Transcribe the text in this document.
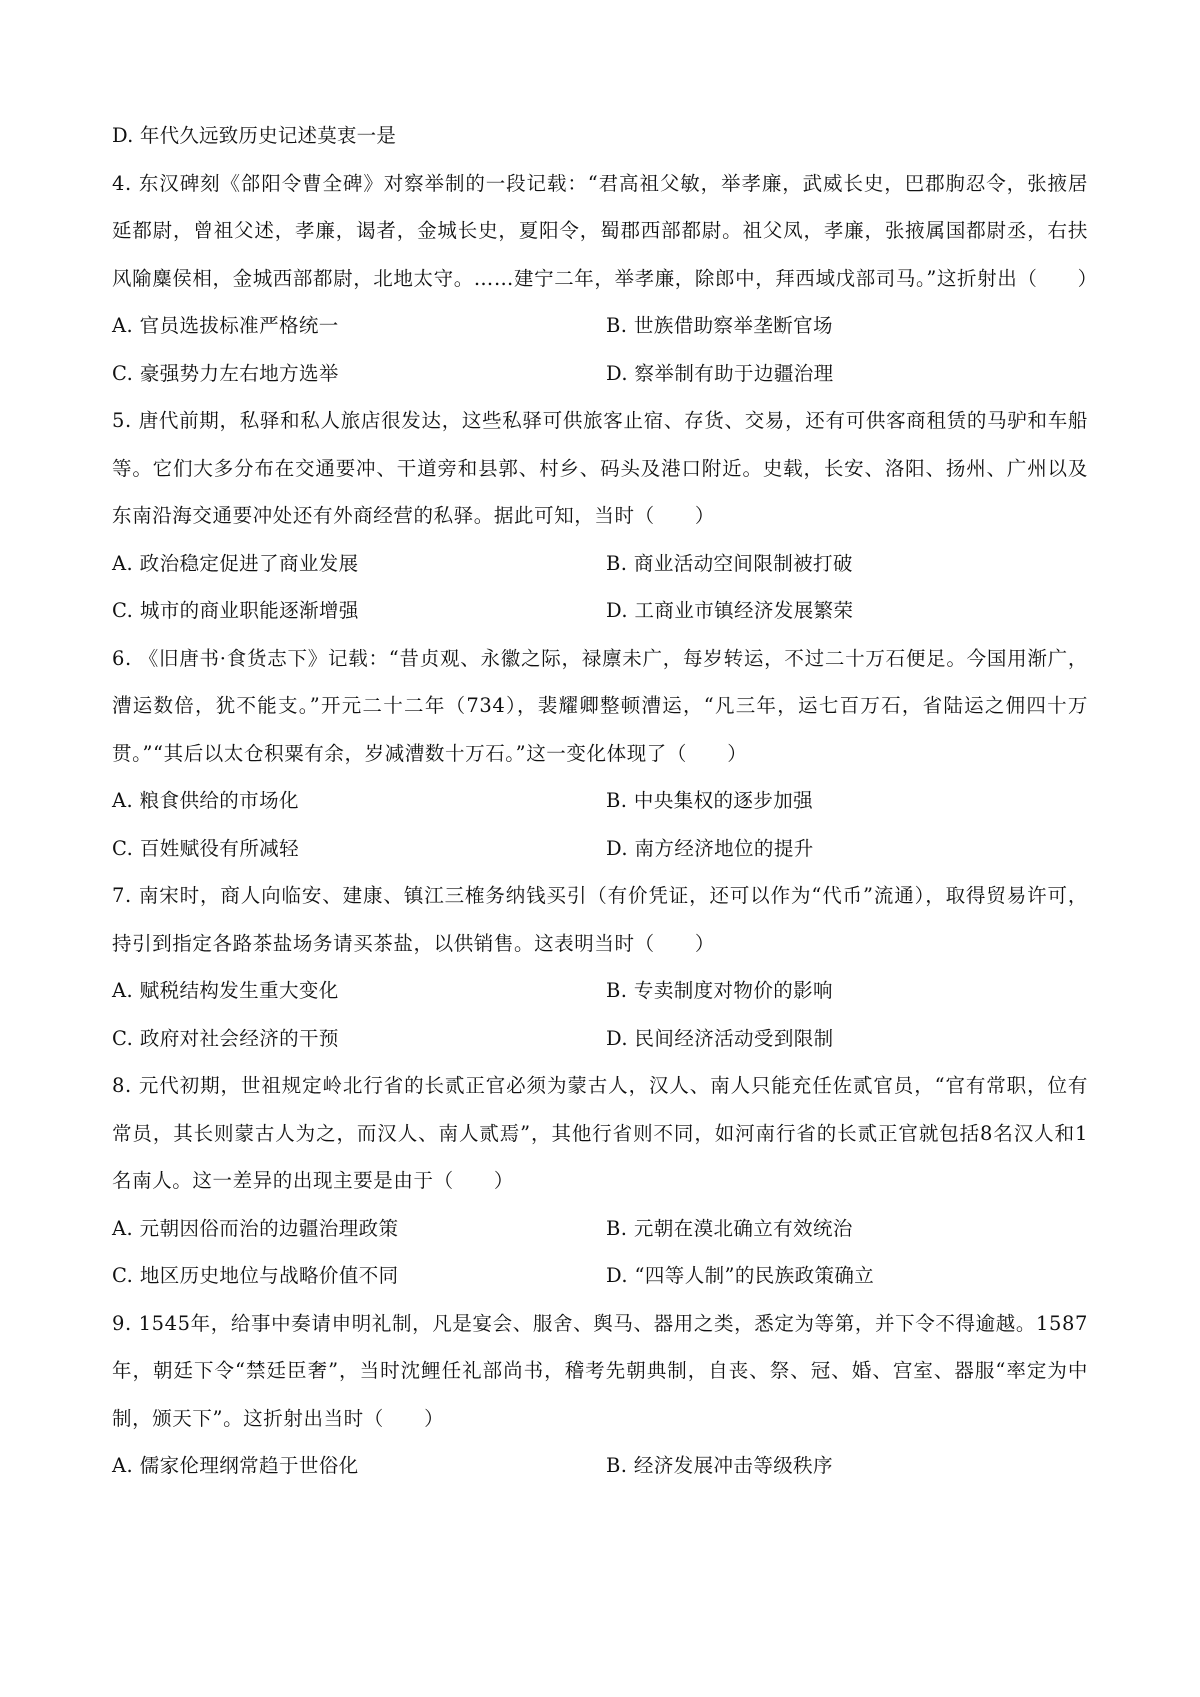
D. 年代久远致历史记述莫衷一是

4. 东汉碑刻《郃阳令曹全碑》对察举制的一段记载：“君高祖父敏，举孝廉，武威长史，巴郡朐忍令，张掖居延都尉，曾祖父述，孝廉，谒者，金城长史，夏阳令，蜀郡西部都尉。祖父凤，孝廉，张掖属国都尉丞，右扶风隃麋侯相，金城西部都尉，北地太守。……建宁二年，举孝廉，除郎中，拜西域戊部司马。”这折射出（　　）

A. 官员选拔标准严格统一	B. 世族借助察举垄断官场
C. 豪强势力左右地方选举	D. 察举制有助于边疆治理

5. 唐代前期，私驿和私人旅店很发达，这些私驿可供旅客止宿、存货、交易，还有可供客商租赁的马驴和车船等。它们大多分布在交通要冲、干道旁和县郭、村乡、码头及港口附近。史载，长安、洛阳、扬州、广州以及东南沿海交通要冲处还有外商经营的私驿。据此可知，当时（　　）

A. 政治稳定促进了商业发展	B. 商业活动空间限制被打破
C. 城市的商业职能逐渐增强	D. 工商业市镇经济发展繁荣

6. 《旧唐书·食货志下》记载：“昔贞观、永徽之际，禄廪未广，每岁转运，不过二十万石便足。今国用渐广，漕运数倍，犹不能支。”开元二十二年（734），裴耀卿整顿漕运，“凡三年，运七百万石，省陆运之佣四十万贯。”“其后以太仓积粟有余，岁减漕数十万石。”这一变化体现了（　　）

A. 粮食供给的市场化	B. 中央集权的逐步加强
C. 百姓赋役有所减轻	D. 南方经济地位的提升

7. 南宋时，商人向临安、建康、镇江三榷务纳钱买引（有价凭证，还可以作为“代币”流通），取得贸易许可，持引到指定各路茶盐场务请买茶盐，以供销售。这表明当时（　　）

A. 赋税结构发生重大变化	B. 专卖制度对物价的影响
C. 政府对社会经济的干预	D. 民间经济活动受到限制

8. 元代初期，世祖规定岭北行省的长贰正官必须为蒙古人，汉人、南人只能充任佐贰官员，“官有常职，位有常员，其长则蒙古人为之，而汉人、南人贰焉”，其他行省则不同，如河南行省的长贰正官就包括8名汉人和1名南人。这一差异的出现主要是由于（　　）

A. 元朝因俗而治的边疆治理政策	B. 元朝在漠北确立有效统治
C. 地区历史地位与战略价值不同	D. “四等人制”的民族政策确立

9. 1545年，给事中奏请申明礼制，凡是宴会、服舍、舆马、器用之类，悉定为等第，并下令不得逾越。1587年，朝廷下令“禁廷臣奢”，当时沈鲤任礼部尚书，稽考先朝典制，自丧、祭、冠、婚、宫室、器服“率定为中制，颁天下”。这折射出当时（　　）

A. 儒家伦理纲常趋于世俗化	B. 经济发展冲击等级秩序
